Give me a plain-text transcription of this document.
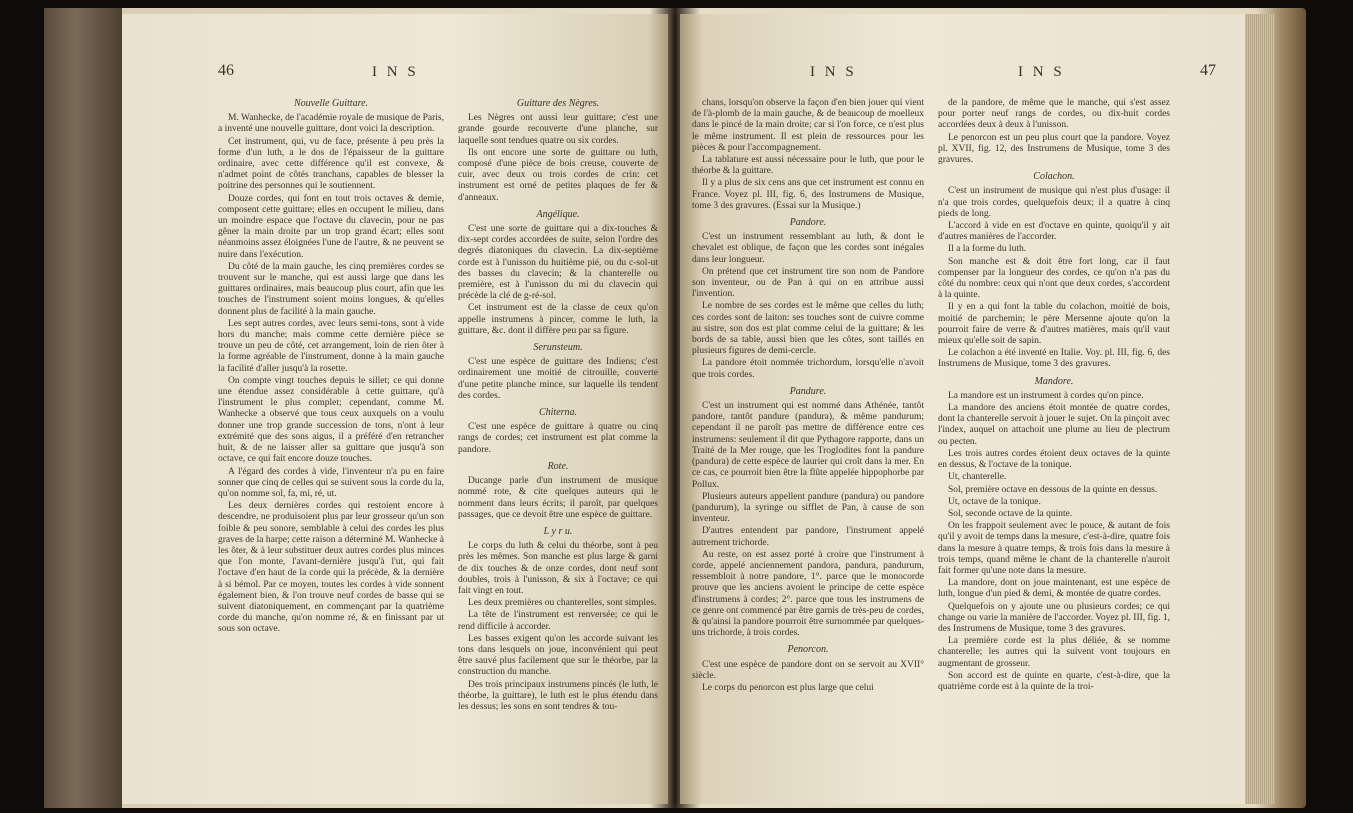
46	I N S
Nouvelle Guittare.

M. Wanhecke, de l'académie royale de musique de Paris, a inventé une nouvelle guittare, dont voici la description.

Cet instrument, qui, vu de face, présente à peu près la forme d'un luth, a le dos de l'épaisseur de la guittare ordinaire, avec cette différence qu'il est convexe, & n'admet point de côtés tranchans, capables de blesser la poitrine des personnes qui le soutiennent.

Douze cordes, qui font en tout trois octaves & demie, composent cette guittare; elles en occupent le milieu, dans un moindre espace que l'octave du clavecin, pour ne pas gêner la main droite par un trop grand écart; elles sont néanmoins assez éloignées l'une de l'autre, & ne peuvent se nuire dans l'exécution.

Du côté de la main gauche, les cinq premières cordes se trouvent sur le manche, qui est aussi large que dans les guittares ordinaires, mais beaucoup plus court, afin que les touches de l'instrument soient moins longues, & qu'elles donnent plus de facilité à la main gauche.

Les sept autres cordes, avec leurs semi-tons, sont à vide hors du manche; mais comme cette dernière pièce se trouve un peu de côté, cet arrangement, loin de rien ôter à la forme agréable de l'instrument, donne à la main gauche la facilité d'aller jusqu'à la rosette.

On compte vingt touches depuis le sillet; ce qui donne une étendue assez considérable à cette guittare, qu'à l'instrument le plus complet; cependant, comme M. Wanhecke a observé que tous ceux auxquels on a voulu donner une trop grande succession de tons, n'ont à leur extrémité que des sons aigus, il a préféré d'en retrancher huit, & de ne laisser aller sa guittare que jusqu'à son octave, ce qui fait encore douze touches.

A l'égard des cordes à vide, l'inventeur n'a pu en faire sonner que cinq de celles qui se suivent sous la corde du la, qu'on nomme sol, fa, mi, ré, ut.

Les deux dernières cordes qui restoient encore à descendre, ne produisoient plus par leur grosseur qu'un son foible & peu sonore, semblable à celui des cordes les plus graves de la harpe; cette raison a déterminé M. Wanhecke à les ôter, & à leur substituer deux autres cordes plus minces que l'on monte, l'avant-dernière jusqu'à l'ut, qui fait l'octave d'en haut de la corde qui la précède, & la dernière à si bémol. Par ce moyen, toutes les cordes à vide sonnent également bien, & l'on trouve neuf cordes de basse qui se suivent diatoniquement, en commençant par la quatrième corde du manche, qu'on nomme ré, & en finissant par ut sous son octave.

Guittare des Nègres.

Les Nègres ont aussi leur guittare; c'est une grande gourde recouverte d'une planche, sur laquelle sont tendues quatre ou six cordes.

Ils ont encore une sorte de guittare ou luth, composé d'une pièce de bois creuse, couverte de cuir, avec deux ou trois cordes de crin: cet instrument est orné de petites plaques de fer & d'anneaux.

Angélique.

C'est une sorte de guittare qui a dix-touches & dix-sept cordes accordées de suite, selon l'ordre des degrés diatoniques du clavecin. La dix-septième corde est à l'unisson du huitième pié, ou du c-sol-ut des basses du clavecin; & la chanterelle ou première, est à l'unisson du mi du clavecin qui précède la clé de g-ré-sol.

Cet instrument est de la classe de ceux qu'on appelle instrumens à pincer, comme le luth, la guittare, &c. dont il diffère peu par sa figure.

Serunsteum.

C'est une espèce de guittare des Indiens; c'est ordinairement une moitié de citrouille, couverte d'une petite planche mince, sur laquelle ils tendent des cordes.

Chiterna.

C'est une espèce de guittare à quatre ou cinq rangs de cordes; cet instrument est plat comme la pandore.

Rote.

Ducange parle d'un instrument de musique nommé rote, & cite quelques auteurs qui le nomment dans leurs écrits; il paroît, par quelques passages, que ce devoit être une espèce de guittare.

L y r u.

Le corps du luth & celui du théorbe, sont à peu près les mêmes. Son manche est plus large & garni de dix touches & de onze cordes, dont neuf sont doubles, trois à l'unisson, & six à l'octave; ce qui fait vingt en tout.

Les deux premières ou chanterelles, sont simples.

La tête de l'instrument est renversée; ce qui le rend difficile à accorder.

Les basses exigent qu'on les accorde suivant les tons dans lesquels on joue, inconvénient qui peut être sauvé plus facilement que sur le théorbe, par la construction du manche.

Des trois principaux instrumens pincés (le luth, le théorbe, la guittare), le luth est le plus étendu dans les dessus; les sons en sont tendres & tou-

I N S	I N S	47

chans, lorsqu'on observe la façon d'en bien jouer qui vient de l'à-plomb de la main gauche, & de beaucoup de moelleux dans le pincé de la main droite; car si l'on force, ce n'est plus le même instrument. Il est plein de ressources pour les pièces & pour l'accompagnement.

La tablature est aussi nécessaire pour le luth, que pour le théorbe & la guittare.

Il y a plus de six cens ans que cet instrument est connu en France. Voyez pl. III, fig. 6, des Instrumens de Musique, tome 3 des gravures. (Essai sur la Musique.)

Pandore.

C'est un instrument ressemblant au luth, & dont le chevalet est oblique, de façon que les cordes sont inégales dans leur longueur.

On prétend que cet instrument tire son nom de Pandore son inventeur, ou de Pan à qui on en attribue aussi l'invention.

Le nombre de ses cordes est le même que celles du luth; ces cordes sont de laiton: ses touches sont de cuivre comme au sistre, son dos est plat comme celui de la guittare; & les bords de sa table, aussi bien que les côtes, sont taillés en plusieurs figures de demi-cercle.

La pandore étoit nommée trichordum, lorsqu'elle n'avoit que trois cordes.

Pandure.

C'est un instrument qui est nommé dans Athénée, tantôt pandore, tantôt pandure (pandura), & même pandurum; cependant il ne paroît pas mettre de différence entre ces instrumens: seulement il dit que Pythagore rapporte, dans un Traité de la Mer rouge, que les Troglodites font la pandure (pandura) de cette espèce de laurier qui croît dans la mer. En ce cas, ce pourroit bien être la flûte appelée hippophorbe par Pollux.

Plusieurs auteurs appellent pandure (pandura) ou pandore (pandurum), la syringe ou sifflet de Pan, à cause de son inventeur.

D'autres entendent par pandore, l'instrument appelé autrement trichorde.

Au reste, on est assez porté à croire que l'instrument à corde, appelé anciennement pandora, pandura, pandurum, ressembloit à notre pandore, 1°. parce que le monocorde prouve que les anciens avoient le principe de cette espèce d'instrumens à cordes; 2°. parce que tous les instrumens de ce genre ont commencé par être garnis de très-peu de cordes, & qu'ainsi la pandore pourroit être surnommée par quelques-uns trichorde, à trois cordes.

Penorcon.

C'est une espèce de pandore dont on se servoit au XVII° siècle.

Le corps du penorcon est plus large que celui

de la pandore, de même que le manche, qui s'est assez pour porter neuf rangs de cordes, ou dix-huit cordes accordées deux à deux à l'unisson.

Le penorcon est un peu plus court que la pandore. Voyez pl. XVII, fig. 12, des Instrumens de Musique, tome 3 des gravures.

Colachon.

C'est un instrument de musique qui n'est plus d'usage: il n'a que trois cordes, quelquefois deux; il a quatre à cinq pieds de long.

L'accord à vide en est d'octave en quinte, quoiqu'il y ait d'autres manières de l'accorder.

Il a la forme du luth.

Son manche est & doit être fort long, car il faut compenser par la longueur des cordes, ce qu'on n'a pas du côté du nombre: ceux qui n'ont que deux cordes, s'accordent à la quinte.

Il y en a qui font la table du colachon, moitié de bois, moitié de parchemin; le père Mersenne ajoute qu'on la pourroit faire de verre & d'autres matières, mais qu'il vaut mieux qu'elle soit de sapin.

Le colachon a été inventé en Italie. Voy. pl. III, fig. 6, des Instrumens de Musique, tome 3 des gravures.

Mandore.

La mandore est un instrument à cordes qu'on pince.

La mandore des anciens étoit montée de quatre cordes, dont la chanterelle servoit à jouer le sujet. On la pinçoit avec l'index, auquel on attachoit une plume au lieu de plectrum ou pecten.

Les trois autres cordes étoient deux octaves de la quinte en dessus, & l'octave de la tonique.

Ut, chanterelle.

Sol, première octave en dessous de la quinte en dessus.

Ut, octave de la tonique.

Sol, seconde octave de la quinte.

On les frappoit seulement avec le pouce, & autant de fois qu'il y avoit de temps dans la mesure, c'est-à-dire, quatre fois dans la mesure à quatre temps, & trois fois dans la mesure à trois temps, quand même le chant de la chanterelle n'auroit fait former qu'une note dans la mesure.

La mandore, dont on joue maintenant, est une espèce de luth, longue d'un pied & demi, & montée de quatre cordes.

Quelquefois on y ajoute une ou plusieurs cordes; ce qui change ou varie la manière de l'accorder. Voyez pl. III, fig. 1, des Instrumens de Musique, tome 3 des gravures.

La première corde est la plus déliée, & se nomme chanterelle; les autres qui la suivent vont toujours en augmentant de grosseur.

Son accord est de quinte en quarte, c'est-à-dire, que la quatrième corde est à la quinte de la troi-
